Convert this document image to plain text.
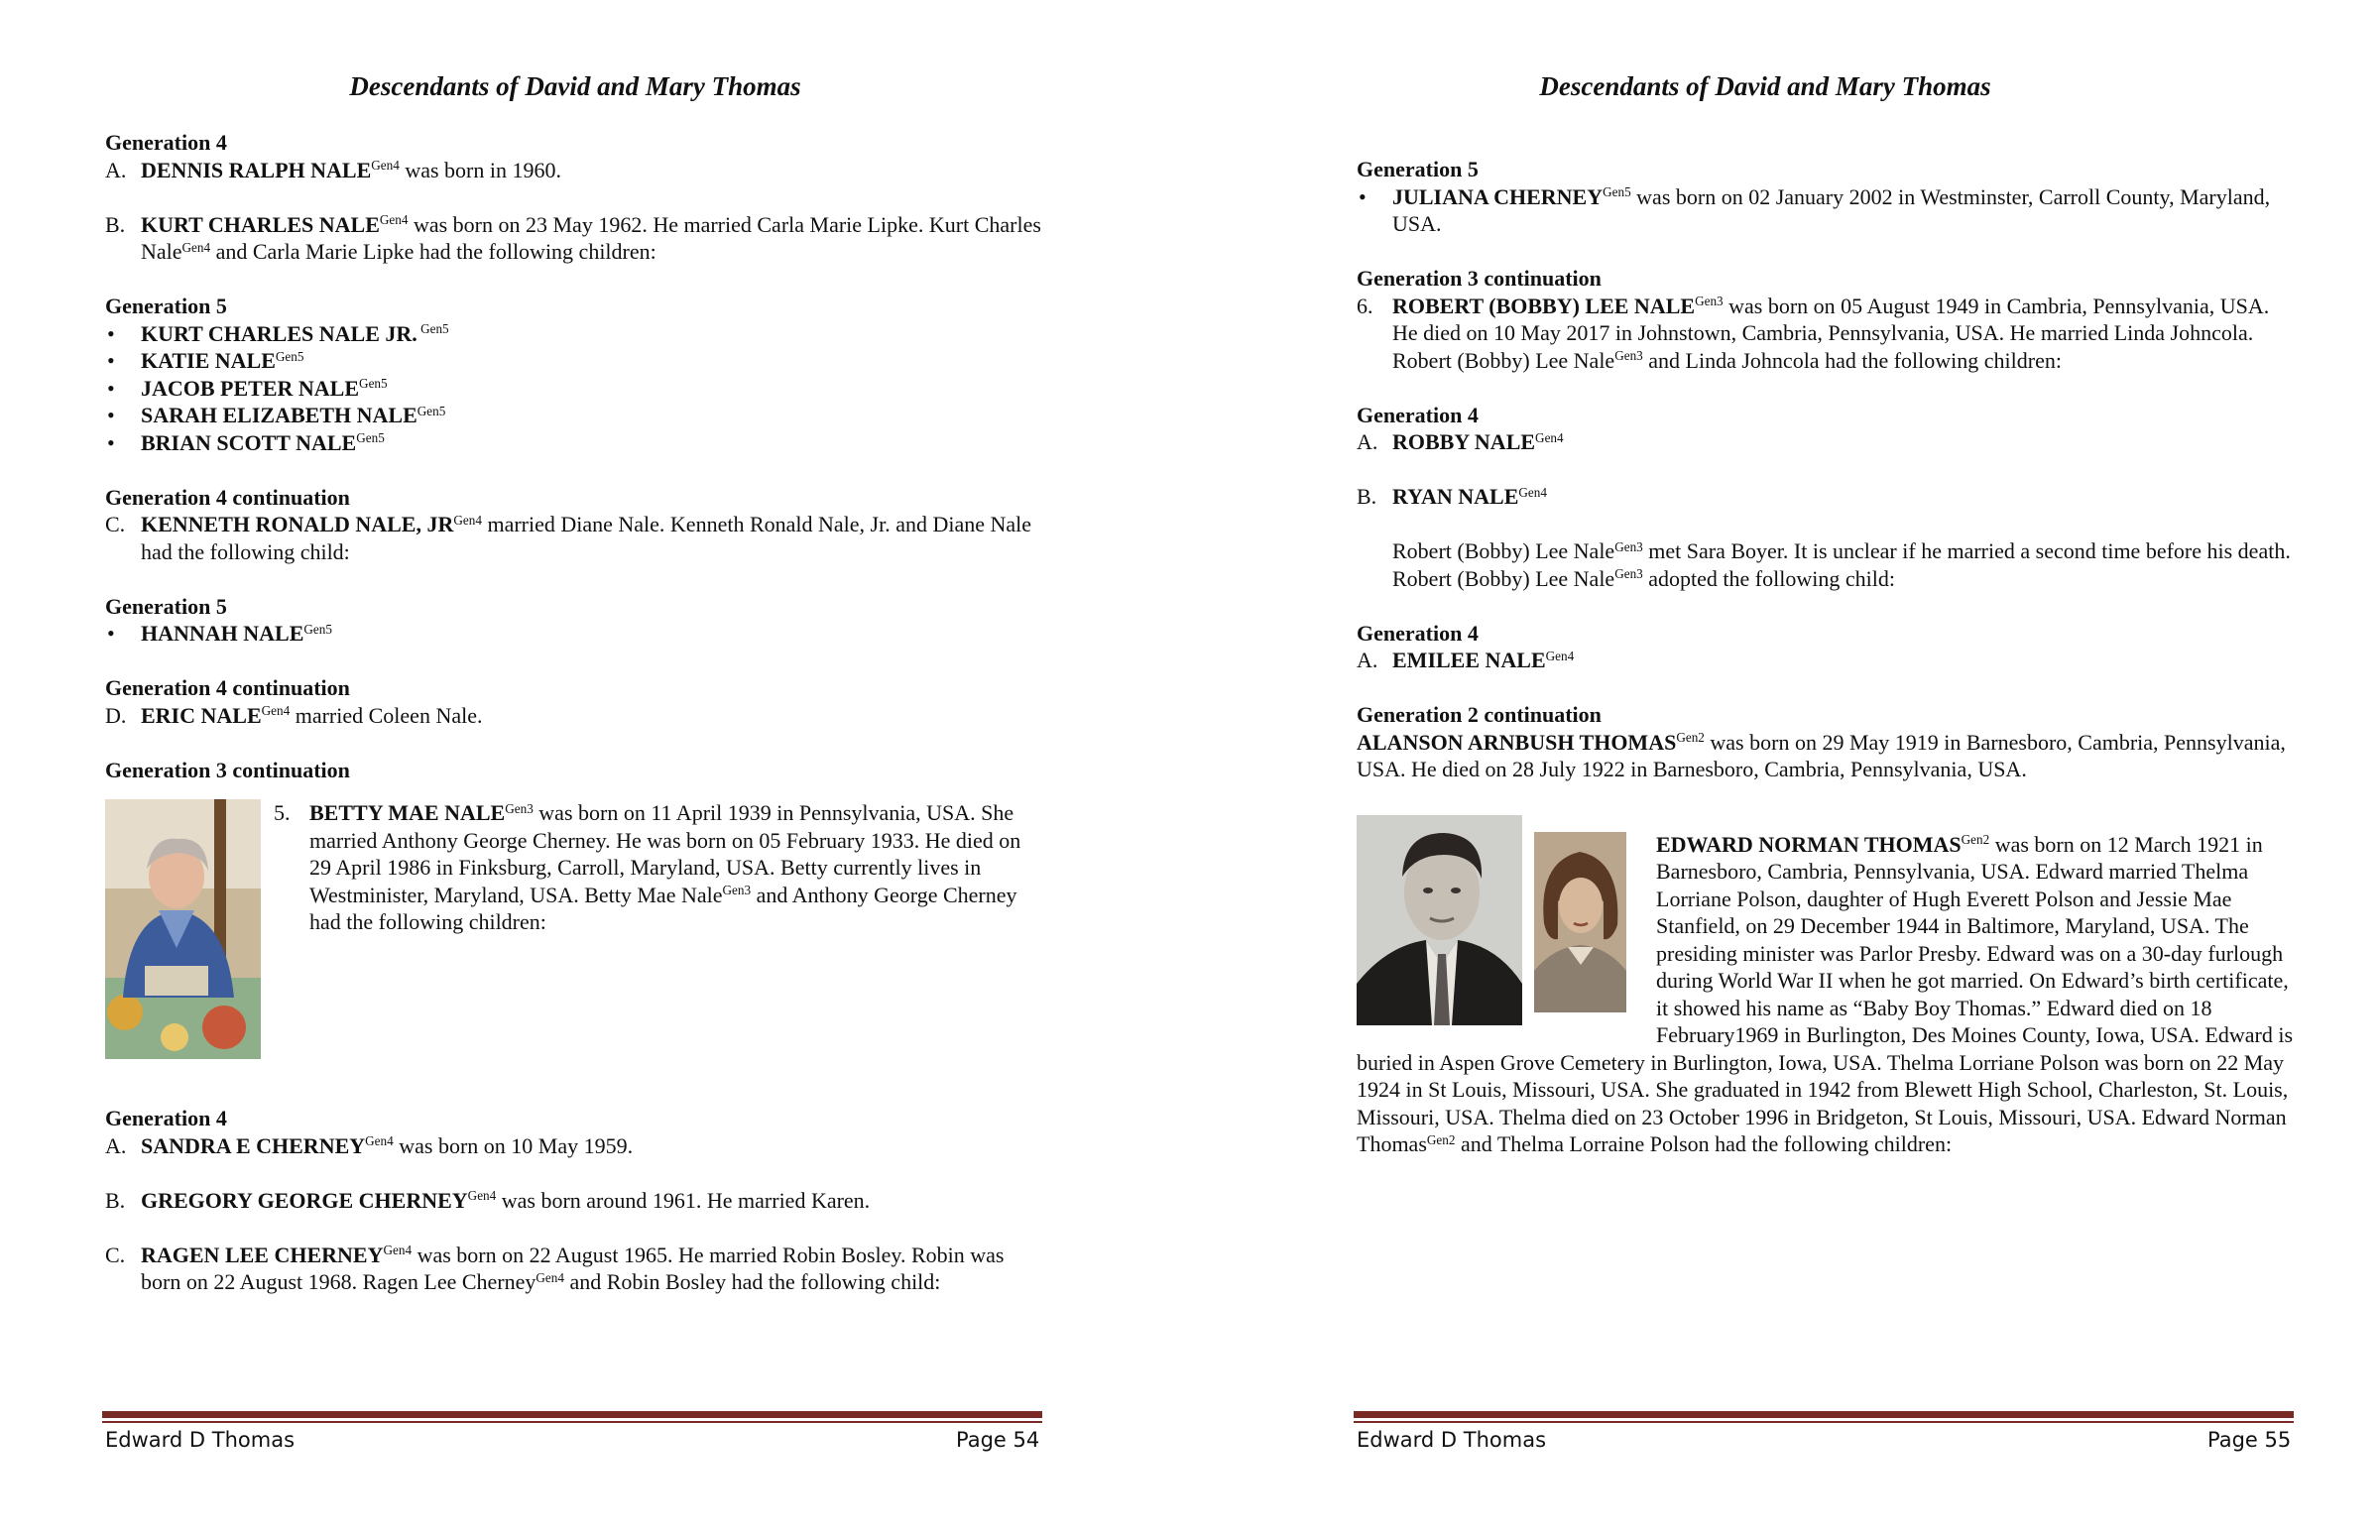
Descendants of David and Mary Thomas

Generation 4

A. DENNIS RALPH $NALE^{Gen4}$ was born in 1960.

B. KURT CHARLES $NALE^{Gen4}$ was born on 23 May 1962. He married Carla Marie Lipke. Kurt Charles Nale$^{Gen4}$ and Carla Marie Lipke had the following children:

Generation 5

• KURT CHARLES NALE JR. $^{Gen5}$

• KATIE $NALE^{Gen5}$

• JACOB PETER $NALE^{Gen5}$

• SARAH ELIZABETH $NALE^{Gen5}$

• BRIAN SCOTT $NALE^{Gen5}$

Generation 4 continuation

C. KENNETH RONALD NALE, $JR^{Gen4}$ married Diane Nale. Kenneth Ronald Nale, Jr. and Diane Nale had the following child:

Generation 5

• HANNAH $NALE^{Gen5}$

Generation 4 continuation

D. ERIC $NALE^{Gen4}$ married Coleen Nale.

Generation 3 continuation

5. BETTY MAE $NALE^{Gen3}$ was born on 11 April 1939 in Pennsylvania, USA. She married Anthony George Cherney. He was born on 05 February 1933. He died on 29 April 1986 in Finksburg, Carroll, Maryland, USA. Betty currently lives in Westminister, Maryland, USA. Betty Mae Nale$^{Gen3}$ and Anthony George Cherney had the following children:

Generation 4

A. SANDRA E $CHERNEY^{Gen4}$ was born on 10 May 1959.

B. GREGORY GEORGE $CHERNEY^{Gen4}$ was born around 1961. He married Karen.

C. RAGEN LEE $CHERNEY^{Gen4}$ was born on 22 August 1965. He married Robin Bosley. Robin was born on 22 August 1968. Ragen Lee Cherney$^{Gen4}$ and Robin Bosley had the following child:

Edward D Thomas	Page 54
Descendants of David and Mary Thomas

Generation 5

• JULIANA $CHERNEY^{Gen5}$ was born on 02 January 2002 in Westminster, Carroll County, Maryland, USA.

Generation 3 continuation

6. ROBERT (BOBBY) LEE $NALE^{Gen3}$ was born on 05 August 1949 in Cambria, Pennsylvania, USA. He died on 10 May 2017 in Johnstown, Cambria, Pennsylvania, USA. He married Linda Johncola. Robert (Bobby) Lee Nale$^{Gen3}$ and Linda Johncola had the following children:

Generation 4

A. ROBBY $NALE^{Gen4}$

B. RYAN $NALE^{Gen4}$

Robert (Bobby) Lee Nale$^{Gen3}$ met Sara Boyer. It is unclear if he married a second time before his death. Robert (Bobby) Lee Nale$^{Gen3}$ adopted the following child:

Generation 4

A. EMILEE $NALE^{Gen4}$

Generation 2 continuation

ALANSON ARNBUSH $THOMAS^{Gen2}$ was born on 29 May 1919 in Barnesboro, Cambria, Pennsylvania, USA. He died on 28 July 1922 in Barnesboro, Cambria, Pennsylvania, USA.

EDWARD NORMAN $THOMAS^{Gen2}$ was born on 12 March 1921 in Barnesboro, Cambria, Pennsylvania, USA. Edward married Thelma Lorriane Polson, daughter of Hugh Everett Polson and Jessie Mae Stanfield, on 29 December 1944 in Baltimore, Maryland, USA. The presiding minister was Parlor Presby. Edward was on a 30-day furlough during World War II when he got married. On Edward’s birth certificate, it showed his name as “Baby Boy Thomas.” Edward died on 18 February1969 in Burlington, Des Moines County, Iowa, USA. Edward is buried in Aspen Grove Cemetery in Burlington, Iowa, USA. Thelma Lorriane Polson was born on 22 May 1924 in St Louis, Missouri, USA. She graduated in 1942 from Blewett High School, Charleston, St. Louis, Missouri, USA. Thelma died on 23 October 1996 in Bridgeton, St Louis, Missouri, USA. Edward Norman Thomas$^{Gen2}$ and Thelma Lorraine Polson had the following children:

Edward D Thomas	Page 55
